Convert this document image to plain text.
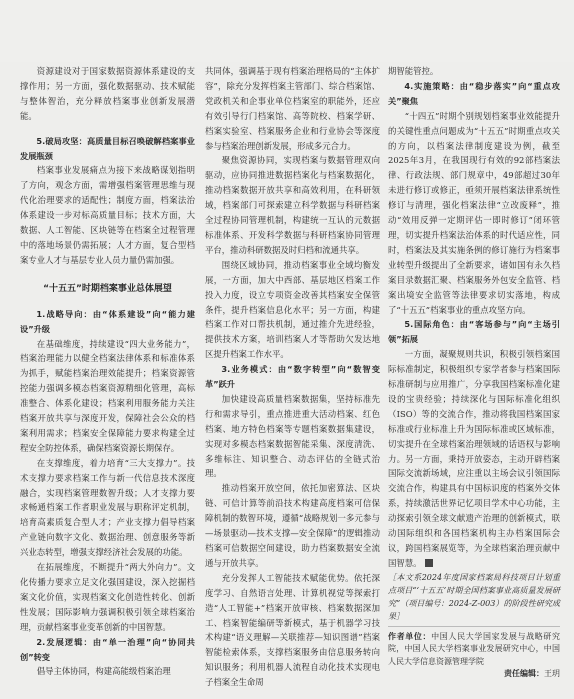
资源建设对于国家数据资源体系建设的支撑作用；另一方面，强化数据驱动、技术赋能与整体智治，充分释放档案事业创新发展潜能。

5.破局攻坚：高质量目标召唤破解档案事业发展瓶颈

档案事业发展痛点为接下来战略谋划指明了方向，观念方面，需增强档案管理思维与现代化治理要求的适配性；制度方面，档案法治体系建设一步对标高质量目标；技术方面，大数据、人工智能、区块链等在档案全过程管理中的落地场景仍需拓展；人才方面，复合型档案专业人才与基层专业人员力量仍需加强。

“十五五”时期档案事业总体展望

1.战略导向：由“体系建设”向“能力建设”升级

在基础维度，持续建设“四大业务能力”，档案治理能力以健全档案法律体系和标准体系为抓手，赋能档案治理效能提升；档案资源管控能力强调多模态档案资源精细化管理，高标准整合、体系化建设；档案利用服务能力关注档案开放共享与深度开发，保障社会公众的档案利用需求；档案安全保障能力要求构建全过程安全防控体系，确保档案资源长期保存。

在支撑维度，着力培育“三大支撑力”。技术支撑力要求档案工作与新一代信息技术深度融合，实现档案管理数智升级；人才支撑力要求畅通档案工作者职业发展与职称评定机制，培育高素质复合型人才；产业支撑力倡导档案产业链向数字文化、数据治理、创意服务等新兴业态转型，增强支撑经济社会发展的功能。

在拓展维度，不断提升“两大外向力”。文化传播力要求立足文化强国建设，深入挖掘档案文化价值，实现档案文化创造性转化、创新性发展；国际影响力强调积极引领全球档案治理，贡献档案事业变革创新的中国智慧。

2.发展逻辑：由“单一治理”向“协同共创”转变

倡导主体协同，构建高能级档案治理

共同体，强调基于现有档案治理格局的“主体扩容”，除充分发挥档案主管部门、综合档案馆、党政机关和企事业单位档案室的职能外，还应有效引导行门档案馆、高等院校、档案学研、档案实验室、档案服务企业和行业协会等深度参与档案治理创新发展，形成多元合力。

聚焦资源协同，实现档案与数据管理双向驱动，应协同推进数据档案化与档案数据化，推动档案数据开放共享和高效利用，在科研领域，档案部门可探索建立科学数据与科研档案全过程协同管理机制，构建统一互认的元数据标准体系、开发科学数据与科研档案协同管理平台，推动科研数据及时归档和流通共享。

围绕区域协同，推动档案事业全域均衡发展，一方面，加大中西部、基层地区档案工作投入力度，设立专项资金改善其档案安全保管条件，提升档案信息化水平；另一方面，构建档案工作对口帮扶机制，通过推介先进经验，提供技术方案，培训档案人才等帮助欠发达地区提升档案工作水平。

3.业务模式：由“数字转型”向“数智变革”跃升

加快建设高质量档案数据集，坚持标准先行和需求导引，重点推进重大活动档案、红色档案、地方特色档案等专题档案数据集建设，实现对多模态档案数据智能采集、深度清洗、多维标注、知识整合、动态评估的全链式治理。

推动档案开放空间，依托加密算法、区块链、可信计算等前沿技术构建高度档案可信保障机制的数智环境，遵循“战略规划一多元参与—场景驱动—技术支撑—安全保障”的逻辑推动档案可信数据空间建设，助力档案数据安全流通与开放共享。

充分发挥人工智能技术赋能优势。依托深度学习、自然语言处理、计算机视觉等探索打造“人工智能+”档案开放审核、档案数据深加工、档案智能编研等新模式，基于机器学习技术构建“语义理解—关联推荐—知识图谱”档案智能检索体系，支撑档案服务由信息服务转向知识服务；利用机器人流程自动化技术实现电子档案全生命周

期智能管控。

4.实施策略：由“稳步落实”向“重点攻关”聚焦

“十四五”时期个别规划档案事业效能提升的关键性重点问题成为“十五五”时期重点攻关的方向，以档案法律制度建设为例，截至2025年3月，在我国现行有效的92部档案法律、行政法规、部门规章中，49部超过30年未进行修订或修正，亟须开展档案法律系统性修订与清理，强化档案法律“立改废释”，推动“效用反弹一定期评估一即时修订”闭环管理，切实提升档案法治体系的时代适应性，同时，档案法及其实施条例的修订施行为档案事业转型升级提出了全新要求，诸如国有永久档案目录数据汇聚、档案服务外包安全监管、档案出境安全监管等法律要求切实落地，构成了“十五五”档案事业的重点攻坚方向。

5.国际角色：由“客场参与”向“主场引领”拓展

一方面，凝聚规则共识，积极引领档案国际标准制定，积极组织专家学者参与档案国际标准研制与应用推广，分享我国档案标准化建设的宝贵经验；持续深化与国际标准化组织（ISO）等的交流合作，推动将我国档案国家标准或行业标准上升为国际标准或区域标准，切实提升在全球档案治理领域的话语权与影响力。另一方面，秉持开放姿态，主动开辟档案国际交流新场域，应注重以主场会议引领国际交流合作，构建具有中国标识度的档案外交体系，持续激活世界记忆项目学术中心功能，主动探索引领全球文献遗产治理的创新模式，联动国际组织和各国档案机构主办档案国际会议，跨国档案展览等，为全球档案治理贡献中国智慧。

［本文系2024年度国家档案局科技项目计划重点项目“‘十五五’时期全国档案事业高质量发展研究”（项目编号：2024-Z-003）的阶段性研究成果］

作者单位：中国人民大学国家发展与战略研究院，中国人民大学档案事业发展研究中心，中国人民大学信息资源管理学院

责任编辑：王玥
